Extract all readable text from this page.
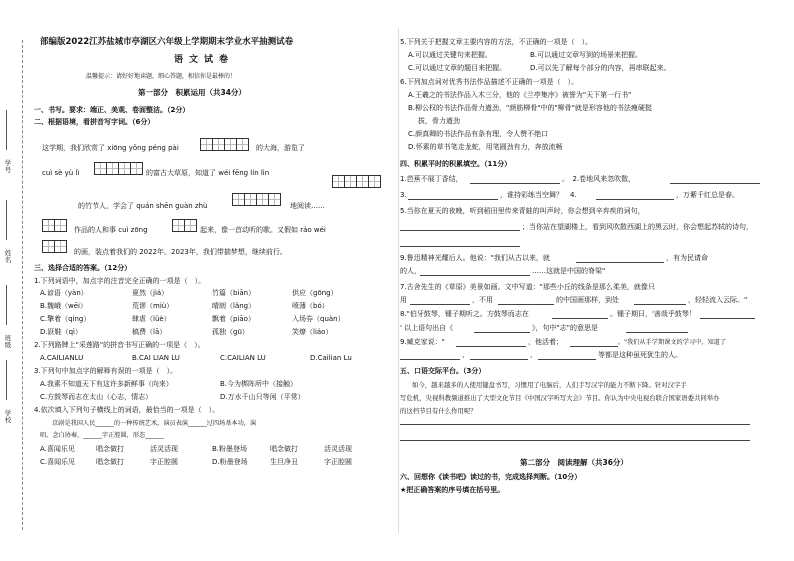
学号
姓名
班级
学校
部编版2022江苏盐城市亭湖区六年级上学期期末学业水平抽测试卷
语文试卷
温馨提示：请好好地读题，细心答题，相信你是最棒的！
第一部分　积累运用（共34分）
一、书写。要求：端正、美观、卷面整洁。（2分）
二、根据语境，看拼音写字词。（6分）
这学期，我们欣赏了 xiōng yǒng péng pài	的大海，游览了
cuì sè yù lì	的富古大草原，知道了 wéi fēng lín lìn
的竹节人，学会了 quán shēn guàn zhù	地阅读……
作品的人和事 cuì zōng	起来，像一首动听的歌。又假如 ráo wéi
的画，装点着我们的 2022年。2023年，我们带揣梦想，继续前行。
三、选择合适的答案。（12分）
1.下列词语中，加点字的注音完全正确的一项是（　）。
A.谚语（yàn）	夏然（jiá）	竹篇（biān）	供应（gōng）
B.魏峨（wēi）	荒谬（miù）	晴朗（lǎng）	喷薄（bó）
C.擎着（qíng）	肆虐（lüè）	飘着（piāo）	入场券（quàn）
D.跃鞋（qì）	稿费（lā）	孤独（gū）	笑燎（liáo）
2.下列路牌上"采莲路"的拼音书写正确的一项是（　）。
A.CAILIANLU	B.CAI LIAN LU	C.CAILIAN LU	D.Cailian Lu
3.下列句中加点字的解释有误的一项是（　）。
A.我素不知道天下有这许多新鲜事（向来）	B.今为梆阵所中（接触）
C.方鼓琴而志在太山（心志，情志）	D.万水千山只等闲（平常）
4.依次填入下列句子横线上的词语，最恰当的一项是（　）。
京剧是我国人民______的一种传统艺术，演员表演______过四场基本功，演
唱、念白协奏，______字正腔圆，形态______
A.喜闻乐见	唱念做打	活灵活现	B.粉墨登场	唱念做打	活灵活现
C.喜闻乐见	唱念做打	字正腔圆	D.粉墨登场	生旦净丑	字正腔圆
5.下列关于把握文章主要内容的方法，不正确的一项是（　）。
A.可以通过关键句来把握。	B.可以通过文章写到的场景来把握。
C.可以通过文章的题目来把握。	D.可以先了解每个部分的内容，再串联起来。
6.下列加点词对优秀书法作品描述不正确的一项是（　）。
A.王羲之的书法作品入木三分，他的《兰亭集序》被誉为"天下第一行书"
B.柳公权的书法作品骨力遒劲，"颜筋柳骨"中的"柳骨"就是形容他的书法瘦硬挺
拔，骨力遒劲
C.颜真卿的书法作品有条有理，令人赞不绝口
D.怀素的草书笔走龙蛇，用笔圆劲有力，奔放流畅
四、积累平时的积累填空。（11分）
1.芭蕉不展丁香结，	。　2.卷地风来忽吹散，
3.	，谁持彩练当空舞？　4.	，万紫千红总是春。
5.当你在夏天的夜晚，听到稻田里传来青蛙的叫声时，你会想到辛弃疾的词句，
；当你站在望湖楼上，看到风吹散西湖上的黑云时，你会想起苏轼的诗句，
9.鲁迅精神光耀后人。他说："我们从古以来，就	，有为民请命
的人，	……这就是中国的脊梁"
7.古舍先生的《草原》美景如画。文中写道："那些小丘的线条是那么柔美，就像只
用	，不用	的中国画那样，到处	，轻轻流入云际。"
8."伯牙鼓琴，锺子期听之。方鼓琴而志在	。锺子期曰，'善哉乎鼓琴！
' 以上语句出自《	》，句中"志"的意思是
9.臧克家说："	，他活着；	。"我们从手学期课文的学习中，知道了
、	、	等都是这种虽死犹生的人。
五、口语交际平台。（3分）
如今，越来越多的人使用键盘书写，习惯用了电脑后，人们手写汉字的能力不断下降。针对汉字手
写危机，央视科教频道推出了大型文化节目《中国汉字听写大会》节目。你认为中央电视台联合国家语委共同举办
的这档节目有什么作用呢？
第二部分　阅读理解（共36分）
六、回想你《读书吧》读过的书，完成选择判断。（10分）
★把正确答案的序号填在括号里。
